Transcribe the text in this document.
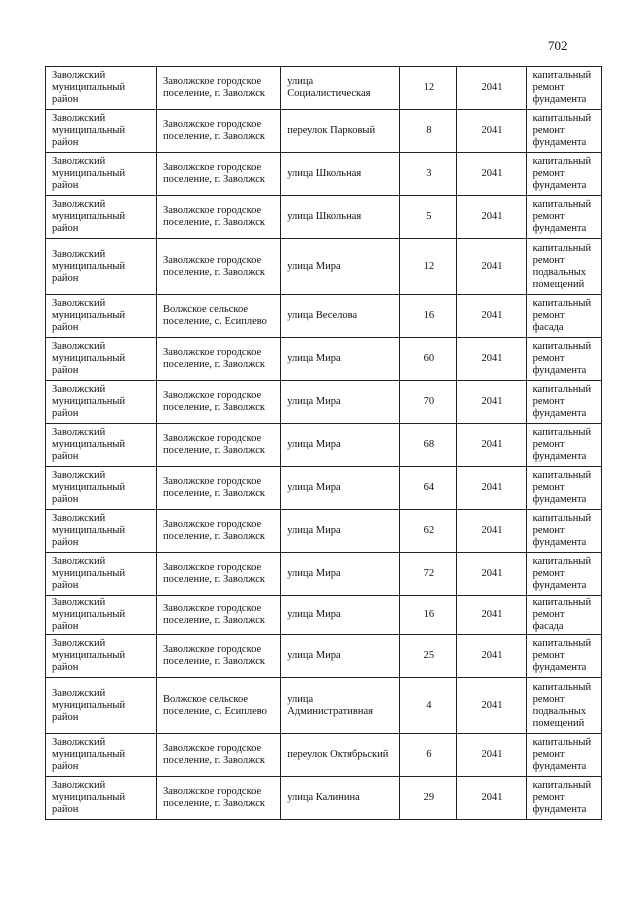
702
Заволжский муниципальный район	Заволжское городское поселение, г. Заволжск	улица Социалистическая	12	2041	капитальный ремонт фундамента
Заволжский муниципальный район	Заволжское городское поселение, г. Заволжск	переулок Парковый	8	2041	капитальный ремонт фундамента
Заволжский муниципальный район	Заволжское городское поселение, г. Заволжск	улица Школьная	3	2041	капитальный ремонт фундамента
Заволжский муниципальный район	Заволжское городское поселение, г. Заволжск	улица Школьная	5	2041	капитальный ремонт фундамента
Заволжский муниципальный район	Заволжское городское поселение, г. Заволжск	улица Мира	12	2041	капитальный ремонт подвальных помещений
Заволжский муниципальный район	Волжское сельское поселение, с. Есиплево	улица Веселова	16	2041	капитальный ремонт фасада
Заволжский муниципальный район	Заволжское городское поселение, г. Заволжск	улица Мира	60	2041	капитальный ремонт фундамента
Заволжский муниципальный район	Заволжское городское поселение, г. Заволжск	улица Мира	70	2041	капитальный ремонт фундамента
Заволжский муниципальный район	Заволжское городское поселение, г. Заволжск	улица Мира	68	2041	капитальный ремонт фундамента
Заволжский муниципальный район	Заволжское городское поселение, г. Заволжск	улица Мира	64	2041	капитальный ремонт фундамента
Заволжский муниципальный район	Заволжское городское поселение, г. Заволжск	улица Мира	62	2041	капитальный ремонт фундамента
Заволжский муниципальный район	Заволжское городское поселение, г. Заволжск	улица Мира	72	2041	капитальный ремонт фундамента
Заволжский муниципальный район	Заволжское городское поселение, г. Заволжск	улица Мира	16	2041	капитальный ремонт фасада
Заволжский муниципальный район	Заволжское городское поселение, г. Заволжск	улица Мира	25	2041	капитальный ремонт фундамента
Заволжский муниципальный район	Волжское сельское поселение, с. Есиплево	улица Административная	4	2041	капитальный ремонт подвальных помещений
Заволжский муниципальный район	Заволжское городское поселение, г. Заволжск	переулок Октябрьский	6	2041	капитальный ремонт фундамента
Заволжский муниципальный район	Заволжское городское поселение, г. Заволжск	улица Калинина	29	2041	капитальный ремонт фундамента
